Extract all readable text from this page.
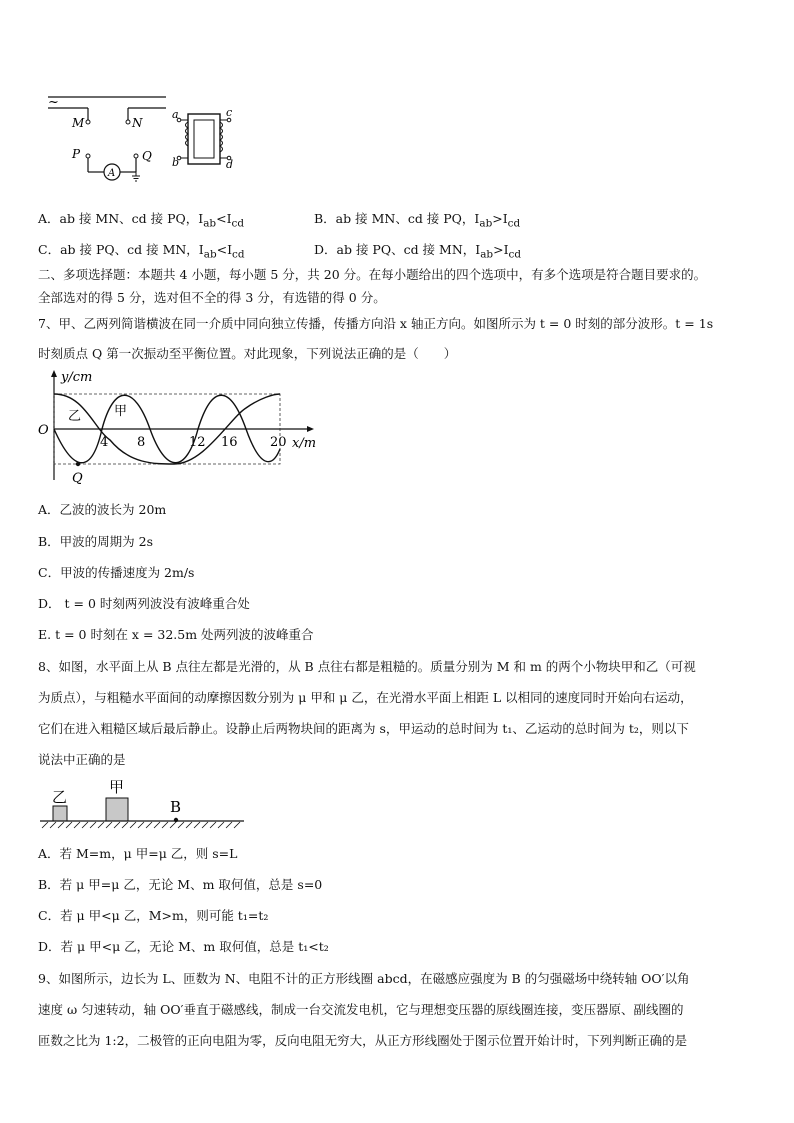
~
M	N
P
A
Q
a
b
c
d
A．ab 接 MN、cd 接 PQ，$I_{ab}<I_{cd}$	B．ab 接 MN、cd 接 PQ，$I_{ab}>I_{cd}$
C．ab 接 PQ、cd 接 MN，$I_{ab}<I_{cd}$	D．ab 接 PQ、cd 接 MN，$I_{ab}>I_{cd}$
二、多项选择题：本题共 4 小题，每小题 5 分，共 20 分。在每小题给出的四个选项中，有多个选项是符合题目要求的。
全部选对的得 5 分，选对但不全的得 3 分，有选错的得 0 分。
7、甲、乙两列简谐横波在同一介质中同向独立传播，传播方向沿 x 轴正方向。如图所示为 t = 0 时刻的部分波形。t = 1s
时刻质点 Q 第一次振动至平衡位置。对此现象，下列说法正确的是（　　）
y/cm
x/m
O
4 8	12 16 20
乙	甲
Q
A．乙波的波长为 20m
B．甲波的周期为 2s
C．甲波的传播速度为 2m/s
D． t = 0 时刻两列波没有波峰重合处
E. t = 0 时刻在 x = 32.5m 处两列波的波峰重合
8、如图，水平面上从 B 点往左都是光滑的，从 B 点往右都是粗糙的。质量分别为 M 和 m 的两个小物块甲和乙（可视
为质点），与粗糙水平面间的动摩擦因数分别为 μ 甲和 μ 乙，在光滑水平面上相距 L 以相同的速度同时开始向右运动，
它们在进入粗糙区域后最后静止。设静止后两物块间的距离为 s，甲运动的总时间为 t₁、乙运动的总时间为 t₂，则以下
说法中正确的是
乙
甲
B
A．若 M=m，μ 甲=μ 乙，则 s=L
B．若 μ 甲=μ 乙，无论 M、m 取何值，总是 s=0
C．若 μ 甲<μ 乙，M>m，则可能 t₁=t₂
D．若 μ 甲<μ 乙，无论 M、m 取何值，总是 t₁<t₂
9、如图所示，边长为 L、匝数为 N、电阻不计的正方形线圈 abcd，在磁感应强度为 B 的匀强磁场中绕转轴 OO′以角
速度 ω 匀速转动，轴 OO′垂直于磁感线，制成一台交流发电机，它与理想变压器的原线圈连接，变压器原、副线圈的
匝数之比为 1:2，二极管的正向电阻为零，反向电阻无穷大，从正方形线圈处于图示位置开始计时，下列判断正确的是
